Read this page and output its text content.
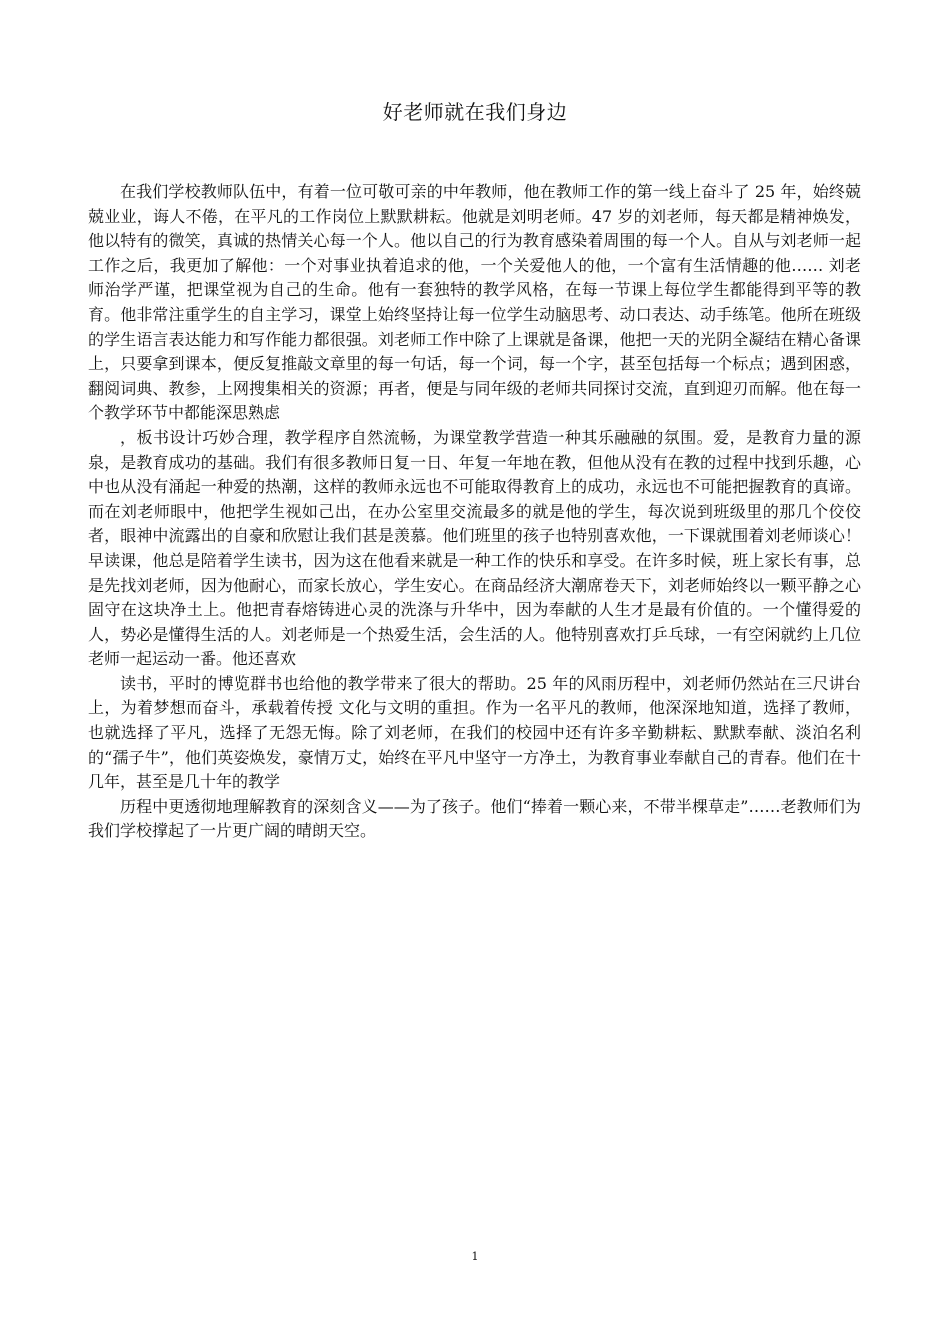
好老师就在我们身边

在我们学校教师队伍中，有着一位可敬可亲的中年教师，他在教师工作的第一线上奋斗了 25 年，始终兢兢业业，诲人不倦，在平凡的工作岗位上默默耕耘。他就是刘明老师。47 岁的刘老师，每天都是精神焕发，他以特有的微笑，真诚的热情关心每一个人。他以自己的行为教育感染着周围的每一个人。自从与刘老师一起工作之后，我更加了解他：一个对事业执着追求的他，一个关爱他人的他，一个富有生活情趣的他…… 刘老师治学严谨，把课堂视为自己的生命。他有一套独特的教学风格，在每一节课上每位学生都能得到平等的教育。他非常注重学生的自主学习，课堂上始终坚持让每一位学生动脑思考、动口表达、动手练笔。他所在班级的学生语言表达能力和写作能力都很强。刘老师工作中除了上课就是备课，他把一天的光阴全凝结在精心备课上，只要拿到课本，便反复推敲文章里的每一句话，每一个词，每一个字，甚至包括每一个标点；遇到困惑，翻阅词典、教参，上网搜集相关的资源；再者，便是与同年级的老师共同探讨交流，直到迎刃而解。他在每一个教学环节中都能深思熟虑

，板书设计巧妙合理，教学程序自然流畅，为课堂教学营造一种其乐融融的氛围。爱，是教育力量的源泉，是教育成功的基础。我们有很多教师日复一日、年复一年地在教，但他从没有在教的过程中找到乐趣，心中也从没有涌起一种爱的热潮，这样的教师永远也不可能取得教育上的成功，永远也不可能把握教育的真谛。而在刘老师眼中，他把学生视如己出，在办公室里交流最多的就是他的学生，每次说到班级里的那几个佼佼者，眼神中流露出的自豪和欣慰让我们甚是羡慕。他们班里的孩子也特别喜欢他，一下课就围着刘老师谈心！早读课，他总是陪着学生读书，因为这在他看来就是一种工作的快乐和享受。在许多时候，班上家长有事，总是先找刘老师，因为他耐心，而家长放心，学生安心。在商品经济大潮席卷天下，刘老师始终以一颗平静之心固守在这块净土上。他把青春熔铸进心灵的洗涤与升华中，因为奉献的人生才是最有价值的。一个懂得爱的人，势必是懂得生活的人。刘老师是一个热爱生活，会生活的人。他特别喜欢打乒乓球，一有空闲就约上几位老师一起运动一番。他还喜欢

读书，平时的博览群书也给他的教学带来了很大的帮助。25 年的风雨历程中，刘老师仍然站在三尺讲台上，为着梦想而奋斗，承载着传授 文化与文明的重担。作为一名平凡的教师，他深深地知道，选择了教师，也就选择了平凡，选择了无怨无悔。除了刘老师，在我们的校园中还有许多辛勤耕耘、默默奉献、淡泊名利的“孺子牛”，他们英姿焕发，豪情万丈，始终在平凡中坚守一方净土，为教育事业奉献自己的青春。他们在十几年，甚至是几十年的教学

历程中更透彻地理解教育的深刻含义——为了孩子。他们“捧着一颗心来，不带半棵草走”……老教师们为我们学校撑起了一片更广阔的晴朗天空。

1
